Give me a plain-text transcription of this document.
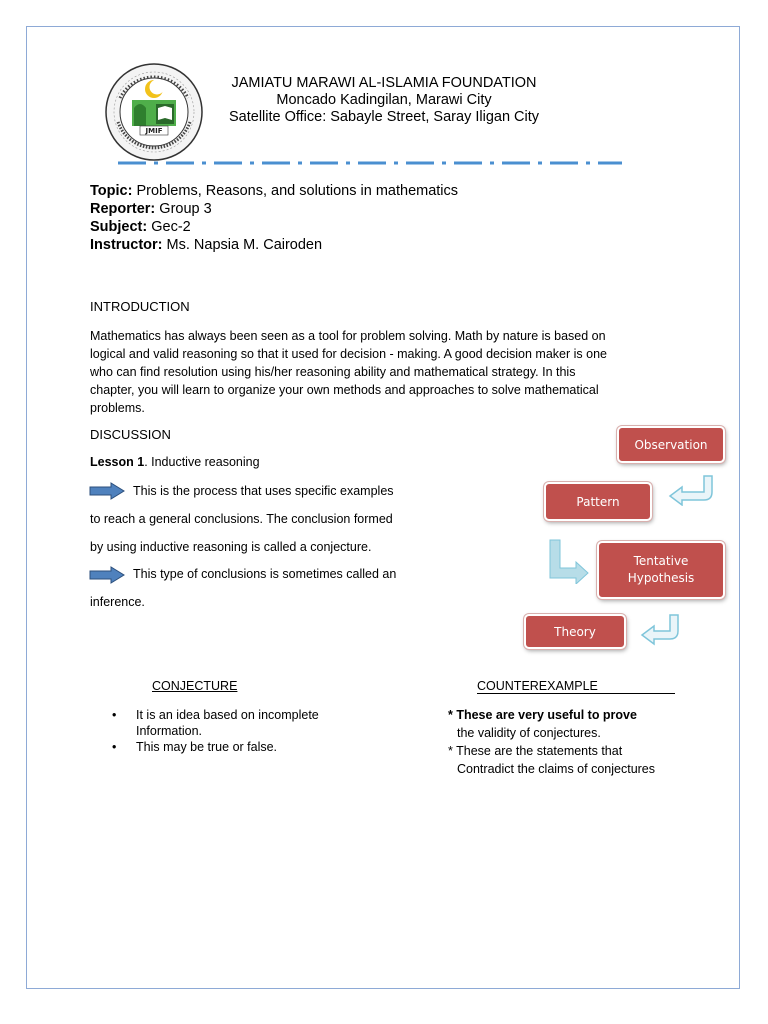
JMIF
JAMIATU MARAWI AL-ISLAMIA FOUNDATION
Moncado Kadingilan, Marawi City
Satellite Office: Sabayle Street, Saray Iligan City
Topic: Problems, Reasons, and solutions in mathematics
Reporter: Group 3
Subject: Gec-2
Instructor: Ms. Napsia M. Cairoden
INTRODUCTION
Mathematics has always been seen as a tool for problem solving. Math by nature is based on
logical and valid reasoning so that it used for decision - making. A good decision maker is one
who can find resolution using his/her reasoning ability and mathematical strategy. In this
chapter, you will learn to organize your own methods and approaches to solve mathematical
problems.
DISCUSSION
Lesson 1. Inductive reasoning
This is the process that uses specific examples
to reach a general conclusions. The conclusion formed
by using inductive reasoning is called a conjecture.
This type of conclusions is sometimes called an
inference.
Observation
Pattern
Tentative
Hypothesis
Theory
CONJECTURE
• It is an idea based on incomplete
Information.
• This may be true or false.
COUNTEREXAMPLE
* These are very useful to prove
the validity of conjectures.
* These are the statements that
Contradict the claims of conjectures
